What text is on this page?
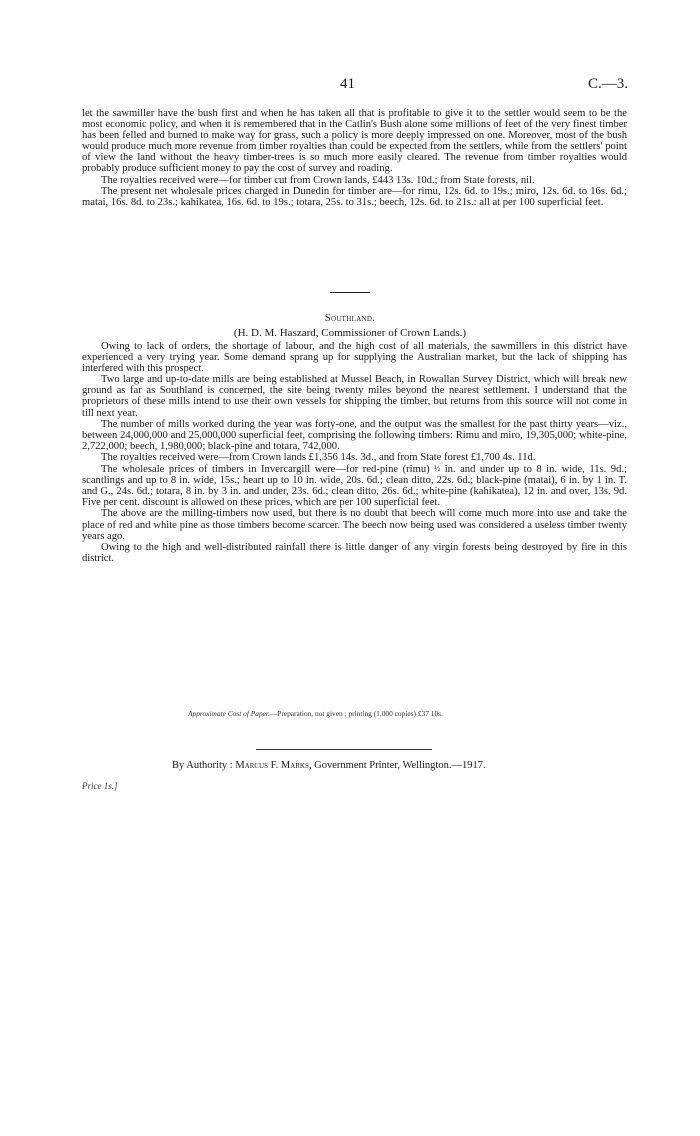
41	C.—3.

let the sawmiller have the bush first and when he has taken all that is profitable to give it to the settler would seem to be the most economic policy, and when it is remembered that in the Catlin's Bush alone some millions of feet of the very finest timber has been felled and burned to make way for grass, such a policy is more deeply impressed on one. Moreover, most of the bush would produce much more revenue from timber royalties than could be expected from the settlers, while from the settlers' point of view the land without the heavy timber-trees is so much more easily cleared. The revenue from timber royalties would probably produce sufficient money to pay the cost of survey and roading.

The royalties received were—for timber cut from Crown lands, £443 13s. 10d.; from State forests, nil.

The present net wholesale prices charged in Dunedin for timber are—for rimu, 12s. 6d. to 19s.; miro, 12s. 6d. to 16s. 6d.; matai, 16s. 8d. to 23s.; kahikatea, 16s. 6d. to 19s.; totara, 25s. to 31s.; beech, 12s. 6d. to 21s.: all at per 100 superficial feet.

Southland.
(H. D. M. Haszard, Commissioner of Crown Lands.)

Owing to lack of orders, the shortage of labour, and the high cost of all materials, the sawmillers in this district have experienced a very trying year. Some demand sprang up for supplying the Australian market, but the lack of shipping has interfered with this prospect.

Two large and up-to-date mills are being established at Mussel Beach, in Rowallan Survey District, which will break new ground as far as Southland is concerned, the site being twenty miles beyond the nearest settlement. I understand that the proprietors of these mills intend to use their own vessels for shipping the timber, but returns from this source will not come in till next year.

The number of mills worked during the year was forty-one, and the output was the smallest for the past thirty years—viz., between 24,000,000 and 25,000,000 superficial feet, comprising the following timbers: Rimu and miro, 19,305,000; white-pine, 2,722,000; beech, 1,980,000; black-pine and totara, 742,000.

The royalties received were—from Crown lands £1,356 14s. 3d., and from State forest £1,700 4s. 11d.

The wholesale prices of timbers in Invercargill were—for red-pine (rimu) ½ in. and under up to 8 in. wide, 11s. 9d.; scantlings and up to 8 in. wide, 15s.; heart up to 10 in. wide, 20s. 6d.; clean ditto, 22s. 6d.; black-pine (matai), 6 in. by 1 in. T. and G., 24s. 6d.; totara, 8 in. by 3 in. and under, 23s. 6d.; clean ditto, 26s. 6d.; white-pine (kahikatea), 12 in. and over, 13s. 9d. Five per cent. discount is allowed on these prices, which are per 100 superficial feet.

The above are the milling-timbers now used, but there is no doubt that beech will come much more into use and take the place of red and white pine as those timbers become scarcer. The beech now being used was considered a useless timber twenty years ago.

Owing to the high and well-distributed rainfall there is little danger of any virgin forests being destroyed by fire in this district.

Approximate Cost of Paper.—Preparation, not given ; printing (1,000 copies) £37 10s.
By Authority : Marcus F. Marks, Government Printer, Wellington.—1917.
Price 1s.]
